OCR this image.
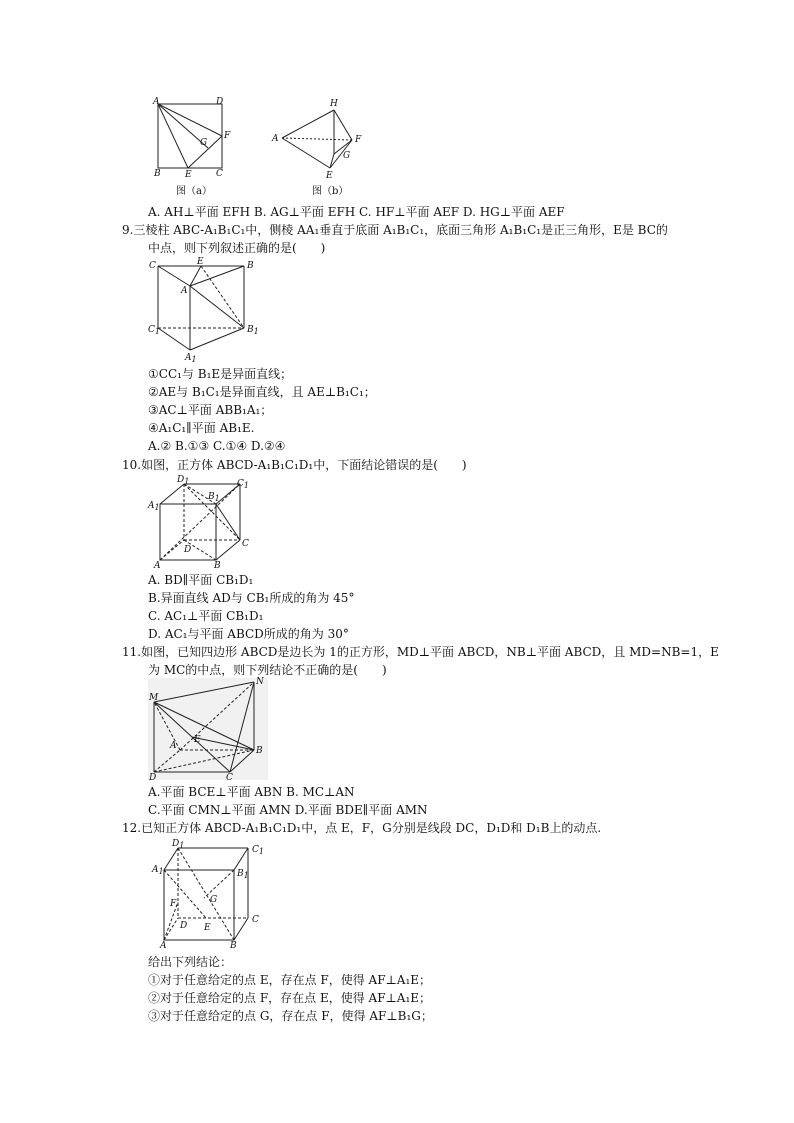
A	D
F
G
B	E	C
图（a）
H
A	F
G
E
图（b）
A. AH⊥平面 EFH B. AG⊥平面 EFH C. HF⊥平面 AEF D. HG⊥平面 AEF
9.三棱柱 ABC-A₁B₁C₁中，侧棱 AA₁垂直于底面 A₁B₁C₁，底面三角形 A₁B₁C₁是正三角形，E是 BC的
中点，则下列叙述正确的是(　　)
C	E	B
A
C1	B1
A1
①CC₁与 B₁E是异面直线；
②AE与 B₁C₁是异面直线，且 AE⊥B₁C₁；
③AC⊥平面 ABB₁A₁；
④A₁C₁∥平面 AB₁E.
A.② B.①③ C.①④ D.②④
10.如图，正方体 ABCD-A₁B₁C₁D₁中，下面结论错误的是(　　)
D1	C1
A1
B1
D
C
A	B
A. BD∥平面 CB₁D₁
B.异面直线 AD与 CB₁所成的角为 45°
C. AC₁⊥平面 CB₁D₁
D. AC₁与平面 ABCD所成的角为 30°
11.如图，已知四边形 ABCD是边长为 1的正方形，MD⊥平面 ABCD，NB⊥平面 ABCD，且 MD=NB=1，E
为 MC的中点，则下列结论不正确的是(　　)
M
N
E
A	B
D	C
A.平面 BCE⊥平面 ABN B. MC⊥AN
C.平面 CMN⊥平面 AMN D.平面 BDE∥平面 AMN
12.已知正方体 ABCD-A₁B₁C₁D₁中，点 E，F，G分别是线段 DC，D₁D和 D₁B上的动点.
D1	C1
A1	B1
F	G
D E
C
A	B
给出下列结论：
①对于任意给定的点 E，存在点 F，使得 AF⊥A₁E；
②对于任意给定的点 F，存在点 E，使得 AF⊥A₁E；
③对于任意给定的点 G，存在点 F，使得 AF⊥B₁G；
